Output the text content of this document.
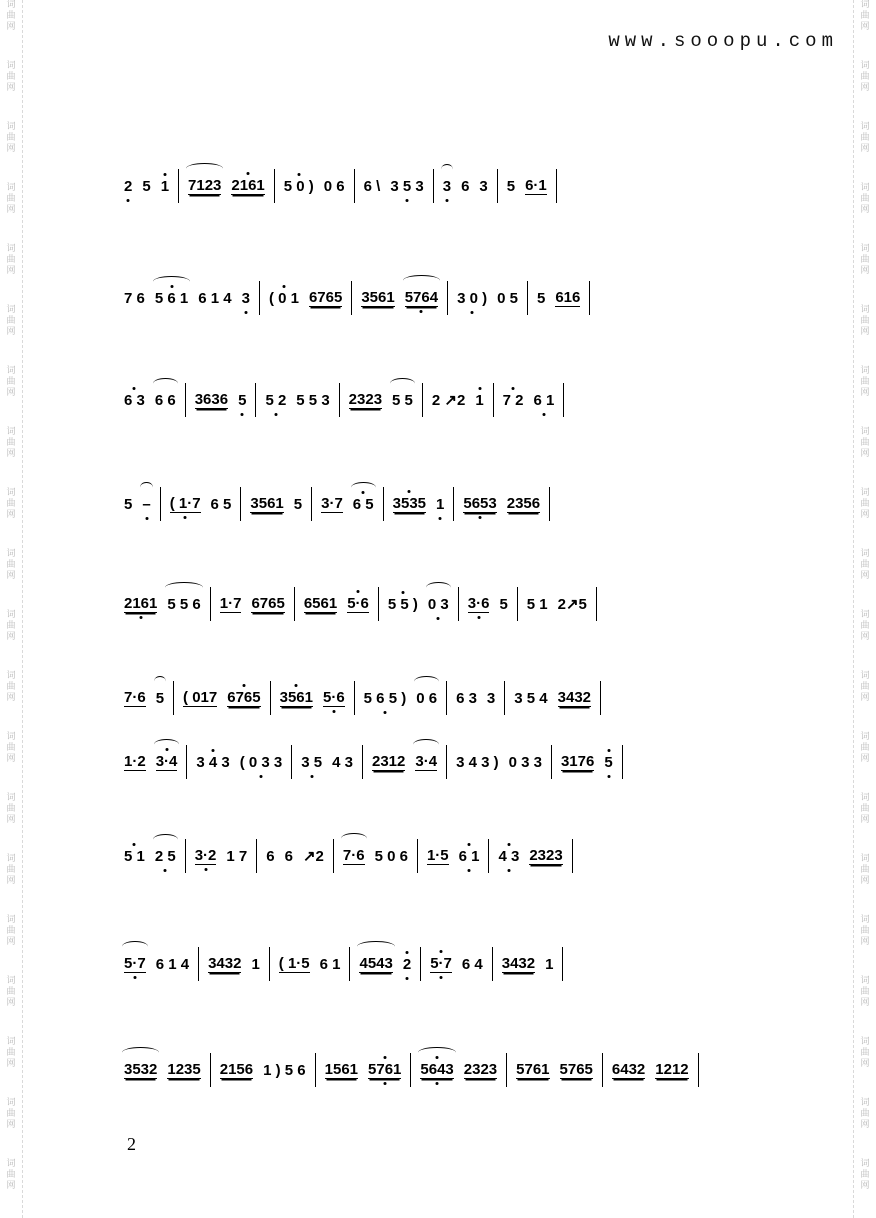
词
曲
网
词
曲
网
词
曲
网
词
曲
网
词
曲
网
词
曲
网
词
曲
网
词
曲
网
词
曲
网
词
曲
网
词
曲
网
词
曲
网
词
曲
网
词
曲
网
词
曲
网
词
曲
网
词
曲
网
词
曲
网
词
曲
网
词
曲
网
词
曲
网
词
曲
网
词
曲
网
词
曲
网
词
曲
网
词
曲
网
词
曲
网
词
曲
网
词
曲
网
词
曲
网
词
曲
网
词
曲
网
词
曲
网
词
曲
网
词
曲
网
词
曲
网
词
曲
网
词
曲
网
词
曲
网
词
曲
网
www.sooopu.com
2 5 1 7123 2161 5 0 ) 0 6 6 \ 3 5 3 3 6 3 5 6·1
7 6 5 6 1 6 1 4 3 ( 0 1 6765 3561 5764 3 0 ) 0 5 5 616
6 3 6 6 3636 5 5 2 5 5 3 2323 5 5 2 ↗2 1 7 2 6 1
5 – ( 1·7 6 5 3561 5 3·7 6 5 3535 1 5653 2356
2161 5 5 6 1·7 6765 6561 5·6 5 5 ) 0 3 3·6 5 5 1 2↗5
7·6 5 ( 017 6765 3561 5·6 5 6 5 ) 0 6 6 3 3 3 5 4 3432
1·2 3·4 3 4 3 ( 0 3 3 3 5 4 3 2312 3·4 3 4 3 ) 0 3 3 3176 5
5 1 2 5 3·2 1 7 6 6 ↗2 7·6 5 0 6 1·5 6 1 4 3 2323
5·7 6 1 4 3432 1 ( 1·5 6 1 4543 2 5·7 6 4 3432 1
3532 1235 2156 1 ) 5 6 1561 5761 5643 2323 5761 5765 6432 1212
2
